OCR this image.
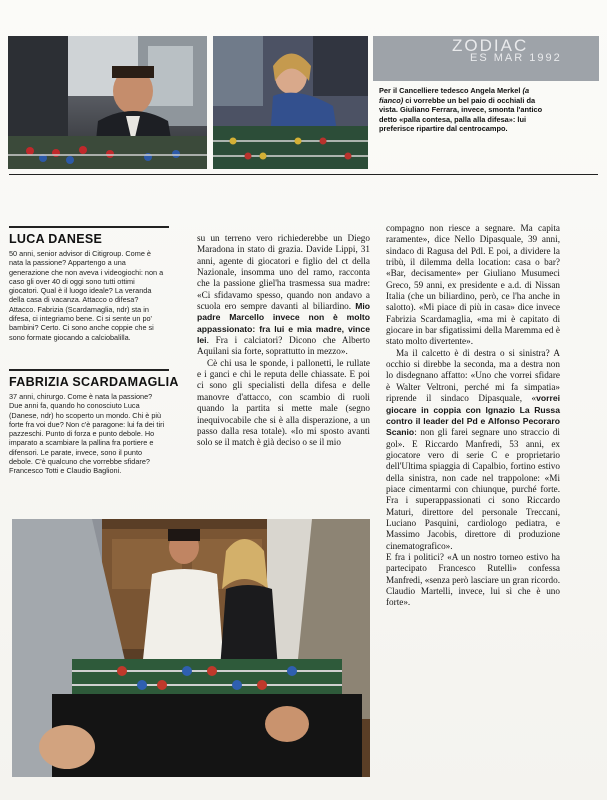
ZODIAC
ES MAR 1992
Per il Cancelliere tedesco Angela Merkel (a fianco) ci vorrebbe un bel paio di occhiali da vista. Giuliano Ferrara, invece, smonta l'antico detto «palla contesa, palla alla difesa»: lui preferisce ripartire dal centrocampo.
LUCA DANESE
50 anni, senior advisor di Citigroup. Come è nata la passione? Appartengo a una generazione che non aveva i videogiochi: non a caso gli over 40 di oggi sono tutti ottimi giocatori. Qual è il luogo ideale? La veranda della casa di vacanza. Attacco o difesa? Attacco. Fabrizia (Scardamaglia, ndr) sta in difesa, ci integriamo bene. Ci si sente un po' bambini? Certo. Ci sono anche coppie che si sono formate giocando a calciobalilla.
FABRIZIA SCARDAMAGLIA
37 anni, chirurgo. Come è nata la passione? Due anni fa, quando ho conosciuto Luca (Danese, ndr) ho scoperto un mondo. Chi è più forte fra voi due? Non c'è paragone: lui fa dei tiri pazzeschi. Punto di forza e punto debole. Ho imparato a scambiare la pallina fra portiere e difensori. Le parate, invece, sono il punto debole. C'è qualcuno che vorrebbe sfidare? Francesco Totti e Claudio Baglioni.

su un terreno vero richiederebbe un Diego Maradona in stato di grazia. Davide Lippi, 31 anni, agente di giocatori e figlio del ct della Nazionale, insomma uno del ramo, racconta che la passione gliel'ha trasmessa sua madre: «Ci sfidavamo spesso, quando non andavo a scuola ero sempre davanti al biliardino. Mio padre Marcello invece non è molto appassionato: fra lui e mia madre, vince lei. Fra i calciatori? Dicono che Alberto Aquilani sia forte, soprattutto in mezzo».

Cè chi usa le sponde, i pallonetti, le rullate e i ganci e chi le reputa delle chiassate. E poi ci sono gli specialisti della difesa e delle manovre d'attacco, con scambio di ruoli quando la partita si mette male (segno inequivocabile che si è alla disperazione, a un passo dalla resa totale). «Io mi sposto avanti solo se il match è già deciso o se il mio

compagno non riesce a segnare. Ma capita raramente», dice Nello Dipasquale, 39 anni, sindaco di Ragusa del Pdl. E poi, a dividere la tribù, il dilemma della location: casa o bar? «Bar, decisamente» per Giuliano Musumeci Greco, 59 anni, ex presidente e a.d. di Nissan Italia (che un biliardino, però, ce l'ha anche in salotto). «Mi piace di più in casa» dice invece Fabrizia Scardamaglia, «ma mi è capitato di giocare in bar sfigatissimi della Maremma ed è stato molto divertente».

Ma il calcetto è di destra o si sinistra? A occhio si direbbe la seconda, ma a destra non lo disdegnano affatto: «Uno che vorrei sfidare è Walter Veltroni, perché mi fa simpatia» riprende il sindaco Dipasquale, «vorrei giocare in coppia con Ignazio La Russa contro il leader del Pd e Alfonso Pecoraro Scanio: non gli farei segnare uno straccio di gol». E Riccardo Manfredi, 53 anni, ex giocatore vero di serie C e proprietario dell'Ultima spiaggia di Capalbio, fortino estivo della sinistra, non cade nel trappolone: «Mi piace cimentarmi con chiunque, purché forte. Fra i superappassionati ci sono Riccardo Maturi, direttore del personale Treccani, Luciano Pasquini, cardiologo pediatra, e Massimo Jacobis, direttore di produzione cinematografico».

E fra i politici? «A un nostro torneo estivo ha partecipato Francesco Rutelli» confessa Manfredi, «senza però lasciare un gran ricordo. Claudio Martelli, invece, lui sì che è uno forte».
